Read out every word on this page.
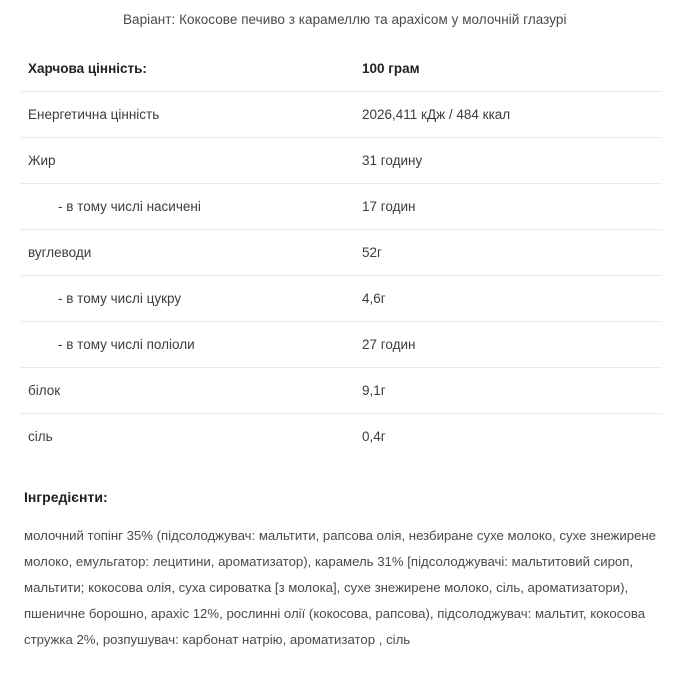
Варіант: Кокосове печиво з карамеллю та арахісом у молочній глазурі
Харчова цінність:	100 грам
Енергетична цінність	2026,411 кДж / 484 ккал
Жир	31 годину
- в тому числі насичені	17 годин
вуглеводи	52г
- в тому числі цукру	4,6г
- в тому числі поліоли	27 годин
білок	9,1г
сіль	0,4г
Інгредієнти:

молочний топінг 35% (підсолоджувач: мальтити, рапсова олія, незбиране сухе молоко, сухе знежирене молоко, емульгатор: лецитини, ароматизатор), карамель 31% [підсолоджувачі: мальтитовий сироп, мальтити; кокосова олія, суха сироватка [з молока], сухе знежирене молоко, сіль, ароматизатори), пшеничне борошно, арахіс 12%, рослинні олії (кокосова, рапсова), підсолоджувач: мальтит, кокосова стружка 2%, розпушувач: карбонат натрію, ароматизатор , сіль
